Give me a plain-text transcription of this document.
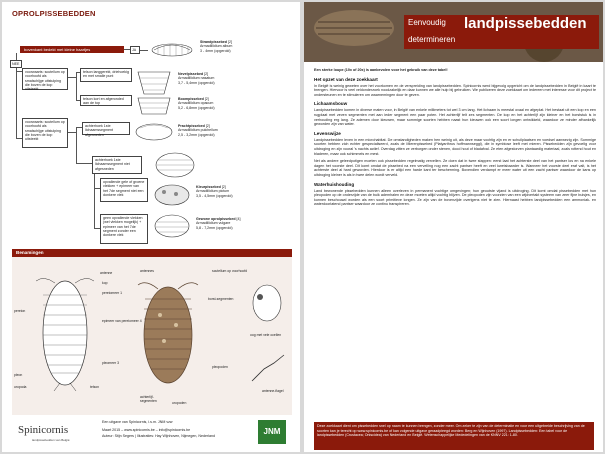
OPROLPISSEBEDDEN
bovenkant bedekt met kleine haartjes	JA
NEE
voorwaarts: scutellum op voorhoofd als smalschijge uitstulping die boven de kop uitsteekt
telson langgerekt, driehoekig en met smalle punt
telson kort en afgeronded aan de top
voorwaarts: scutellum op voorhoofd als smalschijge uitstulping die boven de kop uitsteekt
achterhoek 1ste lichaamssegment afgesneden
achterhoek 1ste lichaamssegment niet afgesneden
opvallende gele of groene vlekken + epimeer van het 7de segment niet een donkere vlek
geen opvallende vlekken (wel vlekken mogelijk) + epimeer van het 7de segment zonder een donkere vlek
Strandpissebed [2]
Armadillidium album
3 - 4mm (opgerold)
Nevelpissebed [2]
Armadillidium nasatum
3,7 - 5,4mm (opgerold)
Boompissebed [2]
Armadillidium opacum
5,2 - 6,8mm (opgerold)
Prachtpissebed [2]
Armadillidium pulchellum
2,5 - 3,2mm (opgerold)
Kleurpissebed [2]
Armadillidium pictum
3,5 - 4,5mm (opgerold)
Gewone oprolpissebed [4]
Armadillidium vulgare
5,8 - 7,2mm (opgerold)
Benamingen
antenne
kop
pereiomeer 1
epimeer van pereiomeer 4
pereion
pleon
pleomeer 3
uropoda	telson
antennes	scutellum op voorhoofd
borst-segmenten
achterlijf-segmenten
pleopoden
uropoden
oog met vele ocellen
antenne-flagel
Spinicornis
landpissebedden van België
Een uitgave van Spinicornis, i.s.m. JNM vzw
Maart 2015 – www.spinicornis.be – info@spinicornis.be
Auteur: Stijn Segers | Illustraties: Hay Wijnhoven, Nijmegen, Nederland	JNM
Eenvoudig landpissebedden
determineren

Een sterke loupe (10x of 20x) is aanbevolen voor het gebruik van deze tabel!

Het opzet van deze zoekkaart

In België is weinig geweten over het voorkomen en de verspreiding van landpissebedden. Spinicornis werd bijgevolg opgericht om de landpissebedden in België in kaart te brengen. Hiervoor is veel veldonderzoek noodzakelijk en daar kunnen we alle hulp bij gebruiken. We publiceren deze zoekkaart om iedereen met interesse voor dit project te ondersteunen en te stimuleren om waarnemingen door te geven.

Lichaamsbouw

Landpissebedden komen in diverse maten voor, in België van enkele millimeters tot wel 3 cm lang. Het lichaam is meestal ovaal en afgeplat. Het bestaat uit een kop en een rugplaat met zeven segmenten met aan ieder segment een paar poten. Het achterlijf telt zes segmenten. De kop en het achterlijf zijn kleiner en het borststuk is in verhouding erg lang. Ze ademen door kieuwen, maar sommige soorten hebben naast hun kieuwen ook een soort longen ontwikkeld, waardoor ze minder afhankelijk geworden zijn van water.

Levenswijze

Landpissebedden leven in een microhabitat. De omstandigheden maken hen weinig uit, als deze maar vochtig zijn en er schuilplaatsen en voedsel aanwezig zijn. Sommige soorten hebben zich echter gespecialiseerd, zoals de Mierenpissebed (Platyarthrus hoffmannseggi), die in symbiose leeft met mieren. Pissebedden zijn gevoelig voor uitdroging en zijn vooral 's nachts actief. Overdag zitten ze verborgen onder stenen, dood hout of bladafval. Ze eten afgestorven plantaardig materiaal, zoals rottend hout en bladeren, maar ook schimmels en mest.

Net als andere geleedpotigen moeten ook pissebedden regelmatig vervellen. Ze doen dat in twee stappen: eerst laat het achterste deel van het pantser los en na enkele dagen het voorste deel. Dit komt omdat de pissebed na een vervelling nog een zacht pantser heeft en veel kwetsbaarder is. Wanneer het voorste deel eraf valt, is het achterste deel al hard geworden. Hierdoor is er altijd een harde kant ter bescherming. Bovendien verdampt er meer water uit een zacht pantser waardoor de kans op uitdroging kleiner is als in twee delen wordt verveld.

Waterhuishouding

Land bewonende pissebedden kunnen alleen overleven in permanent vochtige omgevingen; hun geoutste vijand is uitdroging. Dit komt omdat pissebedden met hun pleopoden op de onderzijde van de buik ademhalen en deze moeten altijd vochtig blijven. De pleopoden zijn voorzien van een wijdvertakt systeem van zeer fijne buisjes, en kunnen beschouwd worden als een soort primitieve longen. Ze zijn van de bovenzijde overigens niet te zien. Hiernaast hebben landpissebedden een ammoniak- en waterdoorlatend pantser waardoor ze continu transpireren.

Deze zoekkaart dient om pissebedden snel op naam te kunnen brengen, zonder meer. Om zeker te zijn van de determinatie en voor een uitgebreide beschrijving van de soorten kan je terecht op www.spinicornis.be of kan volgende uitgave geraadpleegd worden: Berg en Wijnhoven (1997). Landpissebedden: Een tabel voor de landpissebedden (Crustacea; Oniscidea) van Nederland en België. Wetenschappelijke Mededelingen van de KNNV 221: 1-80.
